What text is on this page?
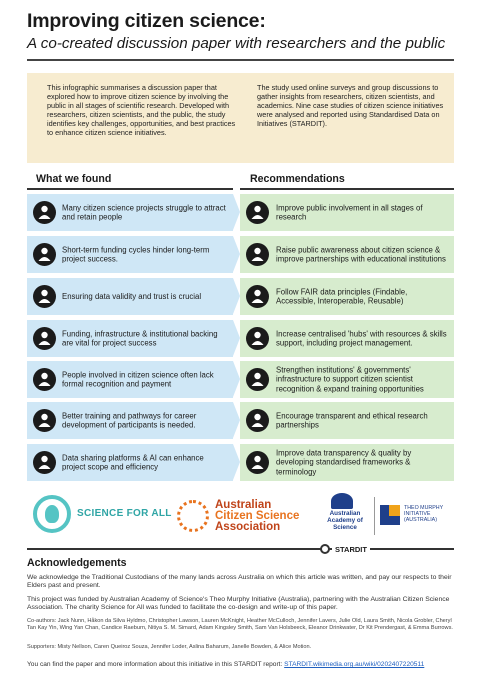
Improving citizen science:
A co-created discussion paper with researchers and the public

This infographic summarises a discussion paper that explored how to improve citizen science by involving the public in all stages of scientific research. Developed with researchers, citizen scientists, and the public, the study identifies key challenges, opportunities, and best practices to enhance citizen science initiatives.

The study used online surveys and group discussions to gather insights from researchers, citizen scientists, and academics. Nine case studies of citizen science initiatives were analysed and reported using Standardised Data on Initiatives (STARDIT).

What we found	Recommendations
Many citizen science projects struggle to attract and retain people
Short-term funding cycles hinder long-term project success.
Ensuring data validity and trust is crucial
Funding, infrastructure & institutional backing are vital for project success
People involved in citizen science often lack formal recognition and payment
Better training and pathways for career development of participants is needed.
Data sharing platforms & AI can enhance project scope and efficiency
Improve public involvement in all stages of research
Raise public awareness about citizen science & improve partnerships with educational institutions
Follow FAIR data principles (Findable, Accessible, Interoperable, Reusable)
Increase centralised 'hubs' with resources & skills support, including project management.
Strengthen institutions' & governments' infrastructure to support citizen scientist recognition & expand training opportunities
Encourage transparent and ethical research partnerships
Improve data transparency & quality by developing standardised frameworks & terminology
SCIENCE FOR ALL
Australian
Citizen Science
Association
Australian
Academy of
Science
THEO MURPHY
INITIATIVE
(AUSTRALIA)
STARDIT
Acknowledgements
We acknowledge the Traditional Custodians of the many lands across Australia on which this article was written, and pay our respects to their Elders past and present.
This project was funded by Australian Academy of Science's Theo Murphy Initiative (Australia), partnering with the Australian Citizen Science Association. The charity Science for All was funded to facilitate the co-design and write-up of this paper.
Co-authors: Jack Nunn, Håkon da Silva Hyldmo, Christopher Lawson, Lauren McKnight, Heather McCulloch, Jennifer Lavers, Julie Old, Laura Smith, Nicola Grobler, Cheryl Tan Kay Yin, Wing Yan Chan, Candice Raeburn, Nitiya S. M. Simard, Adam Kingsley Smith, Sam Van Holsbeeck, Eleanor Drinkwater, Dr Kit Prendergast, & Emma Burrows.
Supporters: Misty Nellson, Caren Queiroz Souza, Jennifer Loder, Aslina Baharum, Janelle Bowden, & Alice Motion.
You can find the paper and more information about this initiative in this STARDIT report: STARDIT.wikimedia.org.au/wiki/0202407220511
